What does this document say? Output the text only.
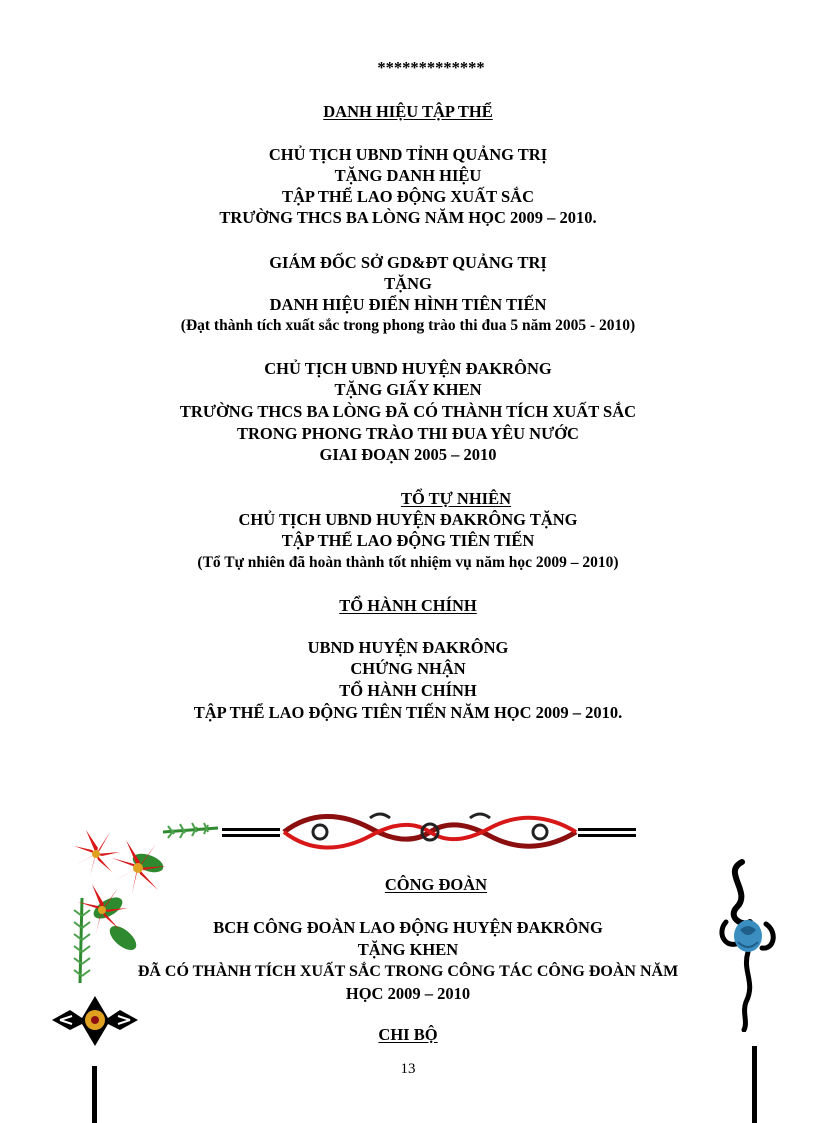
*************

DANH HIỆU TẬP THỂ

CHỦ TỊCH UBND TỈNH QUẢNG TRỊ

TẶNG DANH HIỆU

TẬP THỂ LAO ĐỘNG XUẤT SẮC

TRƯỜNG THCS BA LÒNG NĂM HỌC 2009 – 2010.

GIÁM ĐỐC SỞ GD&ĐT QUẢNG TRỊ

TẶNG

DANH HIỆU ĐIỂN HÌNH TIÊN TIẾN

(Đạt thành tích xuất sắc trong phong trào thi đua 5 năm 2005 - 2010)

CHỦ TỊCH UBND HUYỆN ĐAKRÔNG

TẶNG GIẤY KHEN

TRƯỜNG THCS BA LÒNG ĐÃ CÓ THÀNH TÍCH XUẤT SẮC

TRONG PHONG TRÀO THI ĐUA YÊU NƯỚC

GIAI ĐOẠN 2005 – 2010

TỔ TỰ NHIÊN

CHỦ TỊCH UBND HUYỆN ĐAKRÔNG TẶNG

TẬP THỂ LAO ĐỘNG TIÊN TIẾN

(Tổ Tự nhiên đã hoàn thành tốt nhiệm vụ năm học 2009 – 2010)

TỔ HÀNH CHÍNH

UBND HUYỆN ĐAKRÔNG

CHỨNG NHẬN

TỔ HÀNH CHÍNH

TẬP THỂ LAO ĐỘNG TIÊN TIẾN NĂM HỌC 2009 – 2010.

CÔNG ĐOÀN

BCH CÔNG ĐOÀN LAO ĐỘNG HUYỆN ĐAKRÔNG

TẶNG KHEN

ĐÃ CÓ THÀNH TÍCH XUẤT SẮC TRONG CÔNG TÁC CÔNG ĐOÀN NĂM

HỌC 2009 – 2010

CHI BỘ

13
